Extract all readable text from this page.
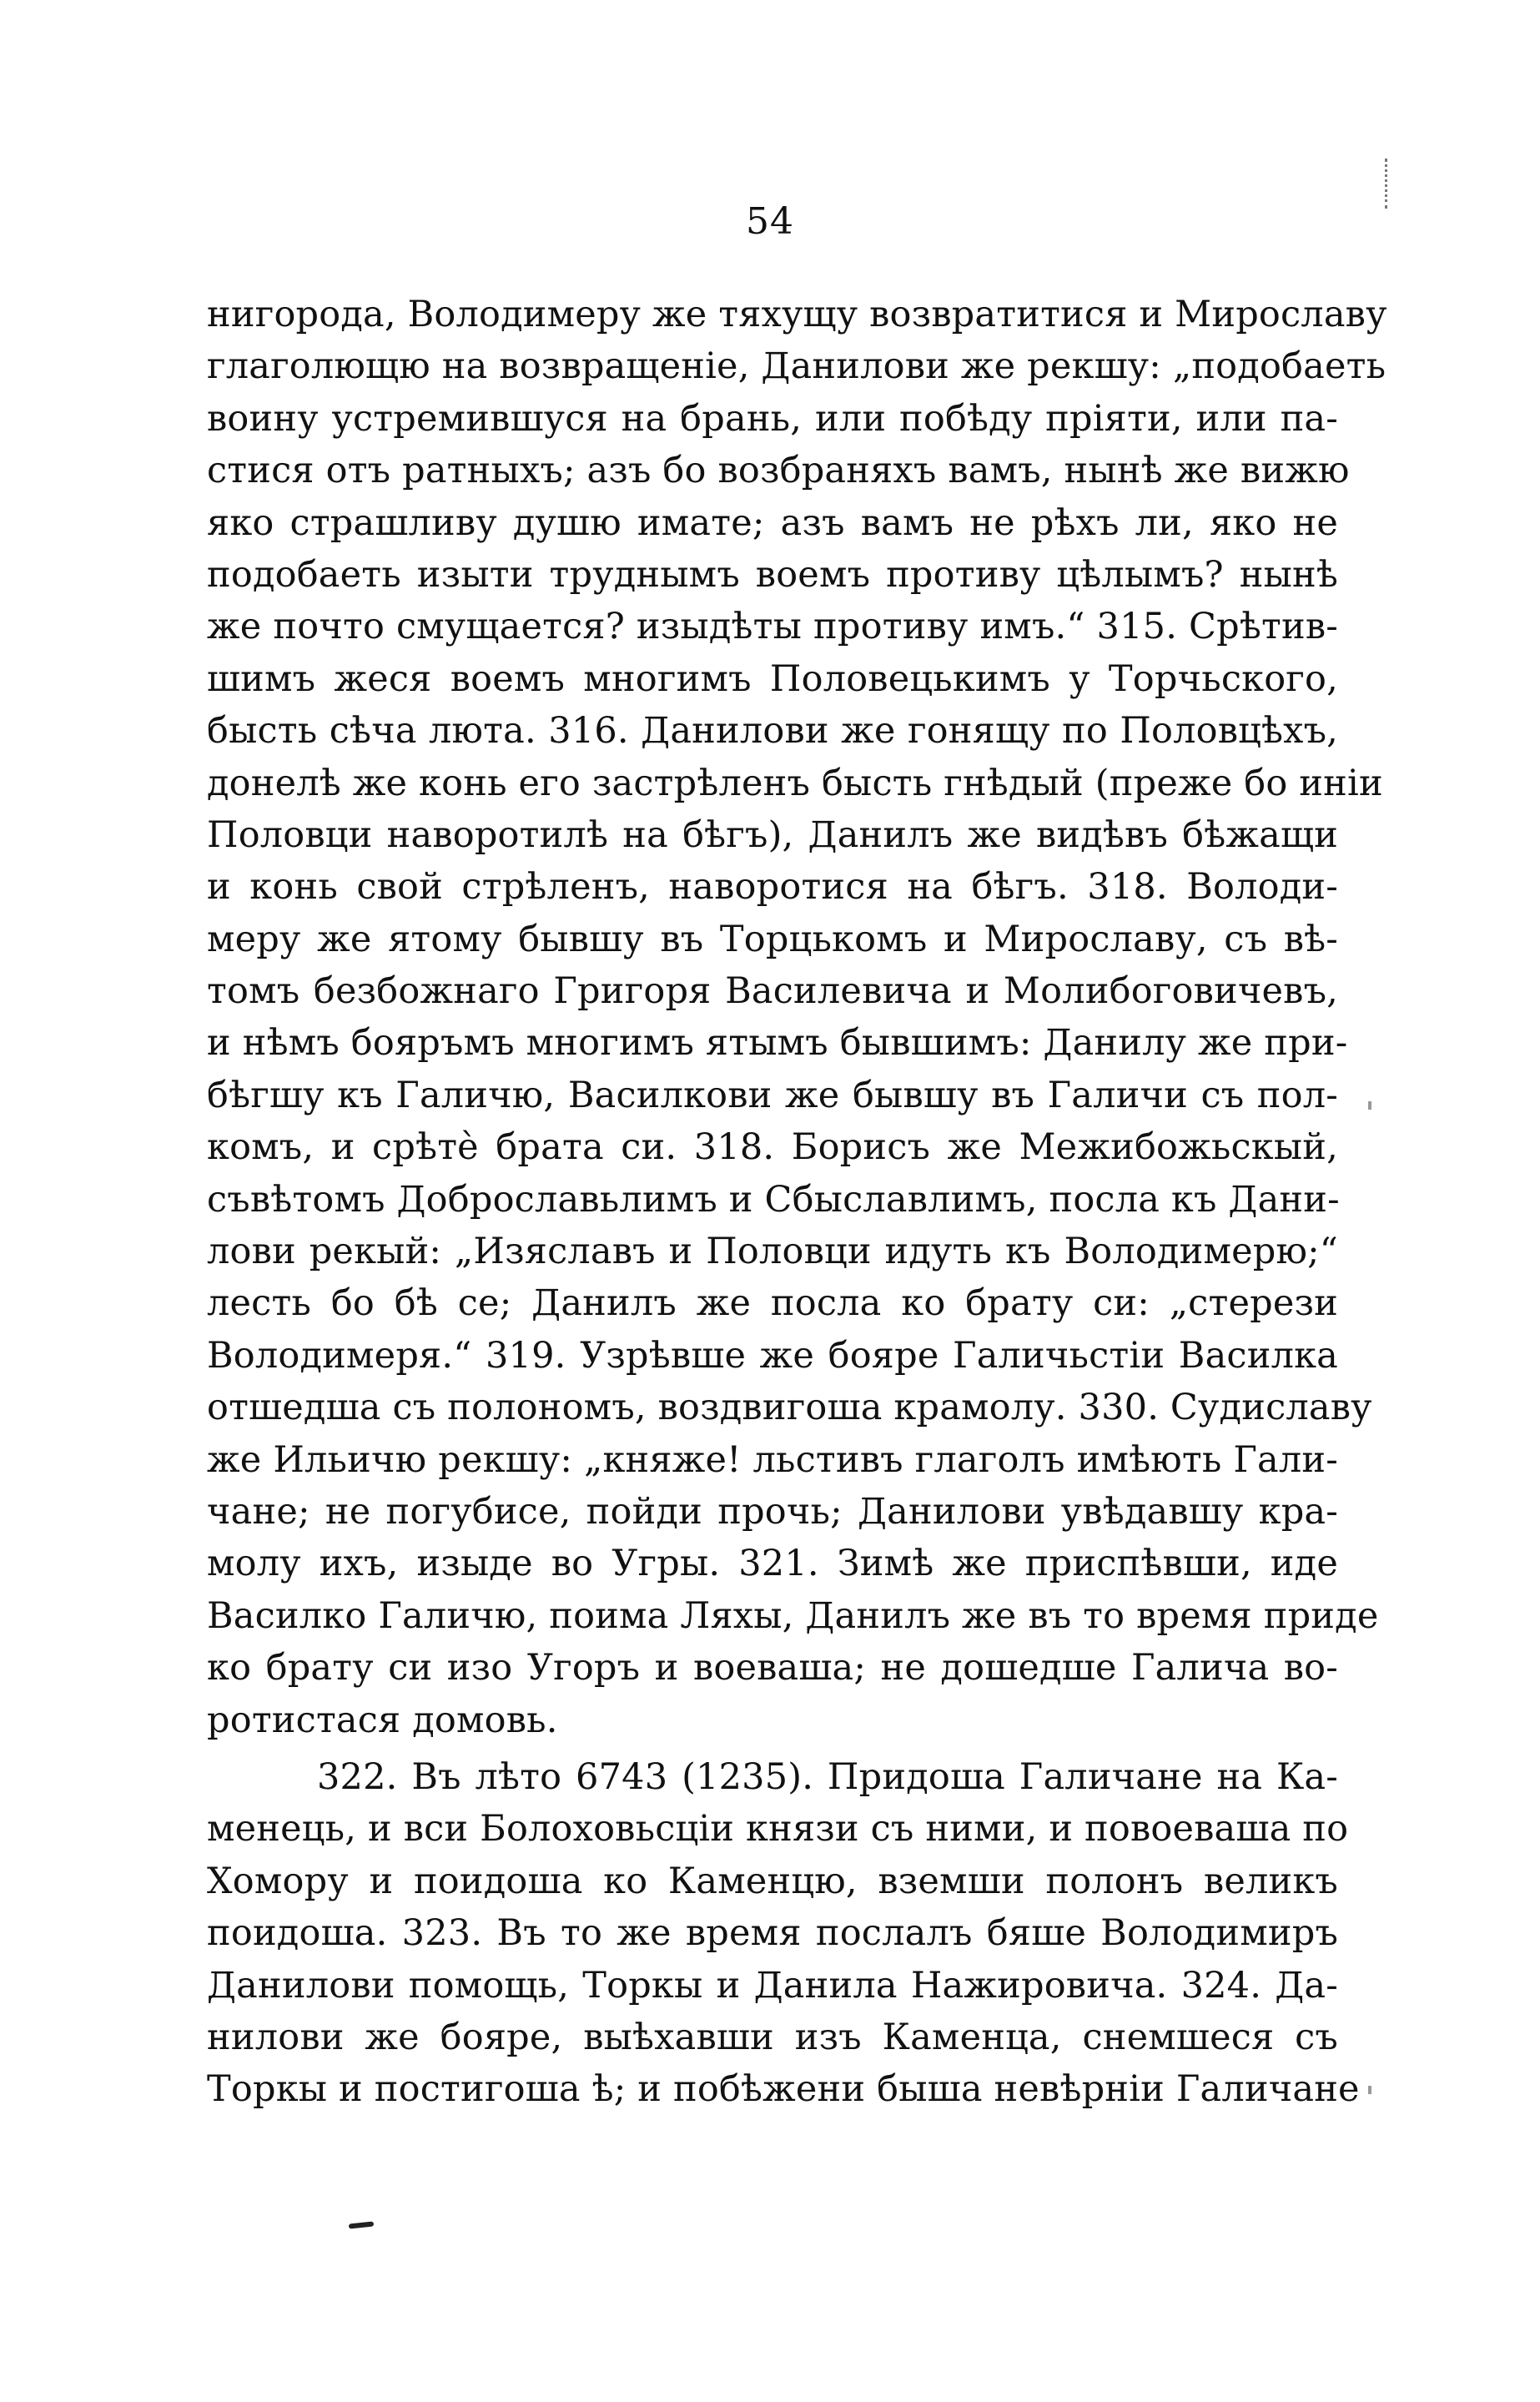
54
нигорода, Володимеру же тяхущу возвратитися и Мирославу
глаголющю на возвращеніе, Данилови же рекшу: „подобаеть
воину устремившуся на брань, или побѣду пріяти, или па-
стися отъ ратныхъ; азъ бо возбраняхъ вамъ, нынѣ же вижю
яко страшливу душю имате; азъ вамъ не рѣхъ ли, яко не
подобаеть изыти труднымъ воемъ противу цѣлымъ? нынѣ
же почто смущается? изыдѣты противу имъ.“ 315. Срѣтив-
шимъ жеся воемъ многимъ Половецькимъ у Торчьского,
бысть сѣча люта. 316. Данилови же гонящу по Половцѣхъ,
донелѣ же конь его застрѣленъ бысть гнѣдый (преже бо иніи
Половци наворотилѣ на бѣгъ), Данилъ же видѣвъ бѣжащи
и конь свой стрѣленъ, наворотися на бѣгъ. 318. Володи-
меру же ятому бывшу въ Торцькомъ и Мирославу, съ вѣ-
томъ безбожнаго Григоря Василевича и Молибоговичевъ,
и нѣмъ бояръмъ многимъ ятымъ бывшимъ: Данилу же при-
бѣгшу къ Галичю, Василкови же бывшу въ Галичи съ пол-
комъ, и срѣтѐ брата си. 318. Борисъ же Межибожьскый,
съвѣтомъ Доброславьлимъ и Сбыславлимъ, посла къ Дани-
лови рекый: „Изяславъ и Половци идуть къ Володимерю;“
лесть бо бѣ се; Данилъ же посла ко брату си: „стерези
Володимеря.“ 319. Узрѣвше же бояре Галичьстіи Василка
отшедша съ полономъ, воздвигоша крамолу. 330. Судиславу
же Ильичю рекшу: „княже! льстивъ глаголъ имѣють Гали-
чане; не погубисе, пойди прочь; Данилови увѣдавшу кра-
молу ихъ, изыде во Угры. 321. Зимѣ же приспѣвши, иде
Василко Галичю, поима Ляхы, Данилъ же въ то время приде
ко брату си изо Угоръ и воеваша; не дошедше Галича во-
ротистася домовь.
322. Въ лѣто 6743 (1235). Придоша Галичане на Ка-
менець, и вси Болоховьсціи князи съ ними, и повоеваша по
Хомору и поидоша ко Каменцю, вземши полонъ великъ
поидоша. 323. Въ то же время послалъ бяше Володимиръ
Данилови помощь, Торкы и Данила Нажировича. 324. Да-
нилови же бояре, выѣхавши изъ Каменца, снемшеся съ
Торкы и постигоша ѣ; и побѣжени быша невѣрніи Галичане
